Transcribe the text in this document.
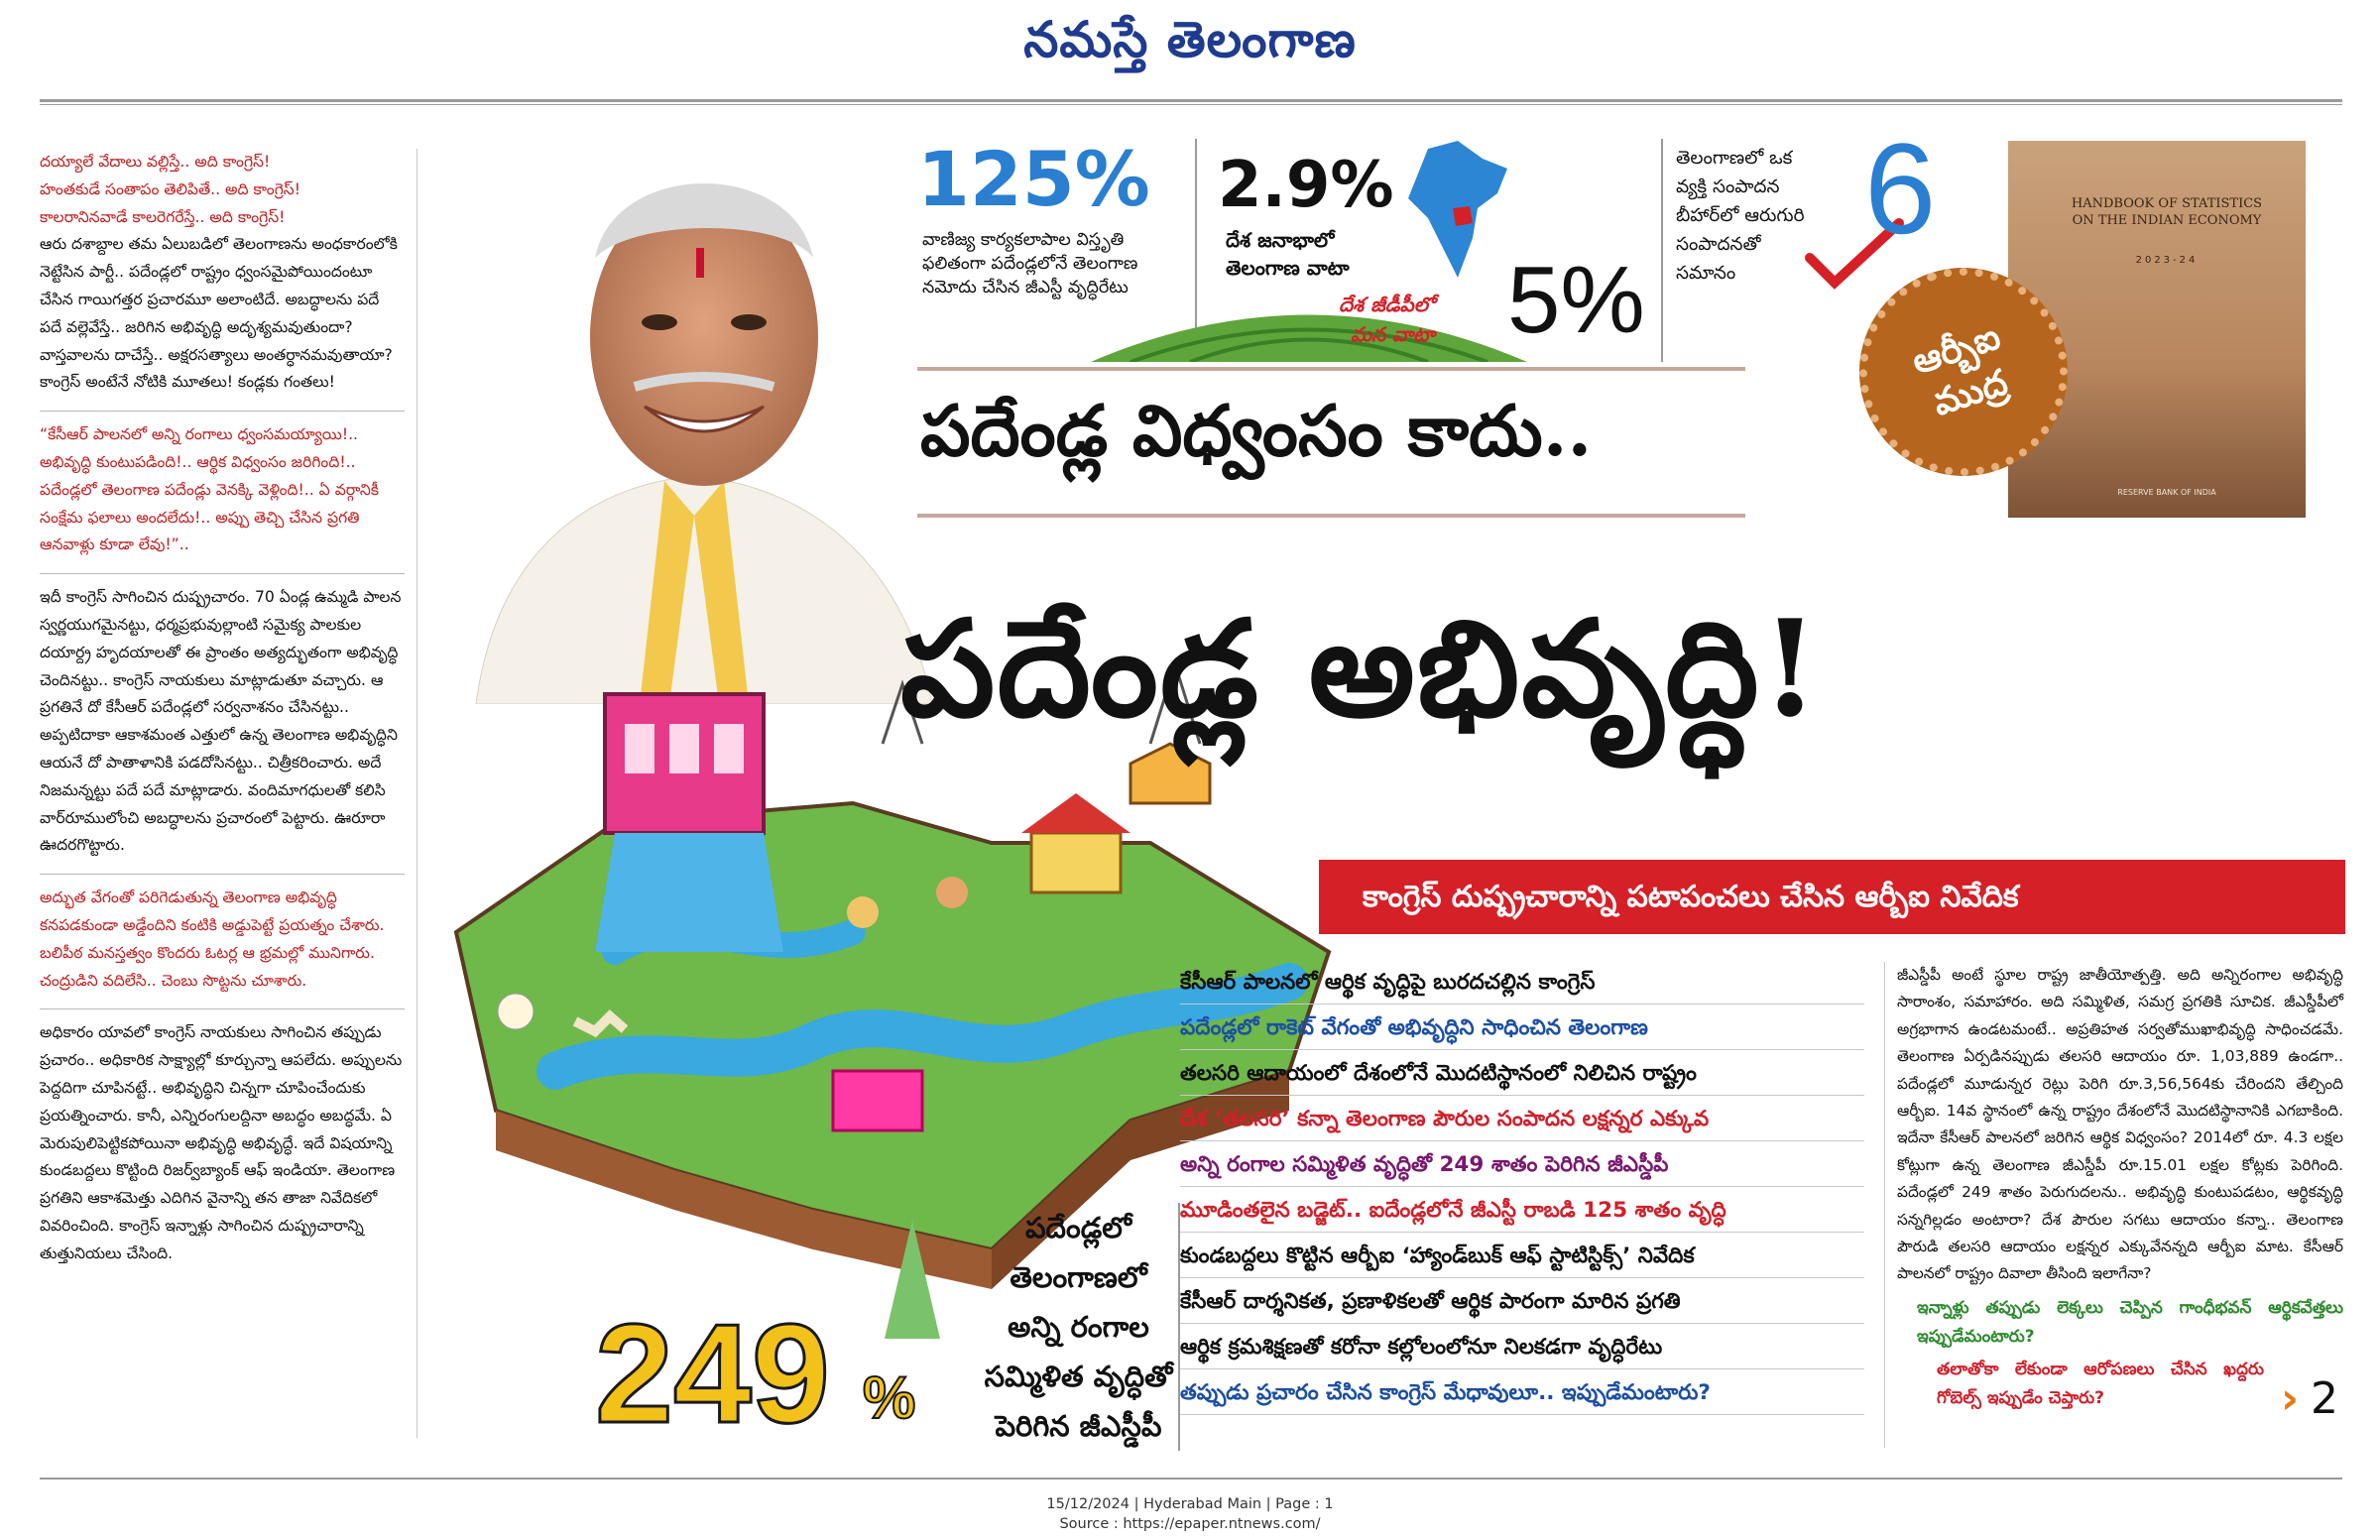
నమస్తే తెలంగాణ
దయ్యాలే వేదాలు వల్లిస్తే.. అది కాంగ్రెస్!
హంతకుడే సంతాపం తెలిపితే.. అది కాంగ్రెస్!
కాలరానినవాడే కాలరెగరేస్తే.. అది కాంగ్రెస్!

ఆరు దశాబ్దాల తమ ఏలుబడిలో తెలంగాణను అంధకారంలోకి నెట్టేసిన పార్టీ.. పదేండ్లలో రాష్ట్రం ధ్వంసమైపోయిందంటూ చేసిన గాయిగత్తర ప్రచారమూ అలాంటిదే. అబద్ధాలను పదే పదే వల్లెవేస్తే.. జరిగిన అభివృద్ధి అదృశ్యమవుతుందా? వాస్తవాలను దాచేస్తే.. అక్షరసత్యాలు అంతర్ధానమవుతాయా? కాంగ్రెస్ అంటేనే నోటికి మూతలు! కండ్లకు గంతలు!

“కేసీఆర్ పాలనలో అన్ని రంగాలు ధ్వంసమయ్యాయి!.. అభివృద్ధి కుంటుపడింది!.. ఆర్థిక విధ్వంసం జరిగింది!.. పదేండ్లలో తెలంగాణ పదేండ్లు వెనక్కి వెళ్లింది!.. ఏ వర్గానికీ సంక్షేమ ఫలాలు అందలేదు!.. అప్పు తెచ్చి చేసిన ప్రగతి ఆనవాళ్లు కూడా లేవు!”..

ఇదీ కాంగ్రెస్ సాగించిన దుష్ప్రచారం. 70 ఏండ్ల ఉమ్మడి పాలన స్వర్ణయుగమైనట్టు, ధర్మప్రభువుల్లాంటి సమైక్య పాలకుల దయార్ద్ర హృదయాలతో ఈ ప్రాంతం అత్యద్భుతంగా అభివృద్ధి చెందినట్టు.. కాంగ్రెస్ నాయకులు మాట్లాడుతూ వచ్చారు. ఆ ప్రగతినే దో కేసీఆర్ పదేండ్లలో సర్వనాశనం చేసినట్టు.. అప్పటిదాకా ఆకాశమంత ఎత్తులో ఉన్న తెలంగాణ అభివృద్ధిని ఆయనే దో పాతాళానికి పడదోసినట్టు.. చిత్రీకరించారు. అదే నిజమన్నట్టు పదే పదే మాట్లాడారు. వందిమాగధులతో కలిసి వార్‌రూములోంచి అబద్ధాలను ప్రచారంలో పెట్టారు. ఊరూరా ఊదరగొట్టారు.

అద్భుత వేగంతో పరిగెడుతున్న తెలంగాణ అభివృద్ధి కనపడకుండా అడ్డేందిని కంటికి అడ్డుపెట్టే ప్రయత్నం చేశారు. బలిపీఠ మనస్తత్వం కొందరు ఓటర్ల ఆ భ్రమల్లో మునిగారు. చంద్రుడిని వదిలేసి.. చెంబు సొట్టను చూశారు.

అధికారం యావలో కాంగ్రెస్ నాయకులు సాగించిన తప్పుడు ప్రచారం.. అధికారిక సాక్ష్యాల్లో కూర్చున్నా ఆపలేదు. అప్పులను పెద్దదిగా చూపినట్టే.. అభివృద్ధిని చిన్నగా చూపించేందుకు ప్రయత్నించారు. కానీ, ఎన్నిరంగులద్దినా అబద్ధం అబద్ధమే. ఏ మెరుపులిపెట్టికపోయినా అభివృద్ధి అభివృద్ధే. ఇదే విషయాన్ని కుండబద్దలు కొట్టింది రిజర్వ్‌బ్యాంక్ ఆఫ్ ఇండియా. తెలంగాణ ప్రగతిని ఆకాశమెత్తు ఎదిగిన వైనాన్ని తన తాజా నివేదికలో వివరించింది. కాంగ్రెస్ ఇన్నాళ్లు సాగించిన దుష్ప్రచారాన్ని తుత్తునియలు చేసింది.

125%
వాణిజ్య కార్యకలాపాల విస్తృతి ఫలితంగా పదేండ్లలోనే తెలంగాణ నమోదు చేసిన జీఎస్టీ వృద్ధిరేటు
2.9%
దేశ జనాభాలో
తెలంగాణ వాటా
దేశ జీడీపీలో
మన వాటా 5%
తెలంగాణలో ఒక వ్యక్తి సంపాదన బీహార్‌లో ఆరుగురి సంపాదనతో సమానం
6	HANDBOOK OF STATISTICS ON THE INDIAN ECONOMY
2023-24
RESERVE BANK OF INDIA
ఆర్బీఐ ముద్ర
పదేండ్ల విధ్వంసం కాదు..
పదేండ్ల అభివృద్ధి!
కాంగ్రెస్ దుష్ప్రచారాన్ని పటాపంచలు చేసిన ఆర్బీఐ నివేదిక
కేసీఆర్ పాలనలో ఆర్థిక వృద్ధిపై బురదచల్లిన కాంగ్రెస్
పదేండ్లలో రాకెట్ వేగంతో అభివృద్ధిని సాధించిన తెలంగాణ
తలసరి ఆదాయంలో దేశంలోనే మొదటిస్థానంలో నిలిచిన రాష్ట్రం
దేశ ‘తలసరి’ కన్నా తెలంగాణ పౌరుల సంపాదన లక్షన్నర ఎక్కువ
అన్ని రంగాల సమ్మిళిత వృద్ధితో 249 శాతం పెరిగిన జీఎస్డీపీ
మూడింతలైన బడ్జెట్.. ఐదేండ్లలోనే జీఎస్టీ రాబడి 125 శాతం వృద్ధి
కుండబద్దలు కొట్టిన ఆర్బీఐ ‘హ్యాండ్‌బుక్ ఆఫ్ స్టాటిస్టిక్స్’ నివేదిక
కేసీఆర్ దార్శనికత, ప్రణాళికలతో ఆర్థిక పారంగా మారిన ప్రగతి
ఆర్థిక క్రమశిక్షణతో కరోనా కల్లోలంలోనూ నిలకడగా వృద్ధిరేటు
తప్పుడు ప్రచారం చేసిన కాంగ్రెస్ మేధావులూ.. ఇప్పుడేమంటారు?
పదేండ్లలో
తెలంగాణలో
అన్ని రంగాల
సమ్మిళిత వృద్ధితో
పెరిగిన జీఎస్డీపీ
249 %
జీఎస్డీపీ అంటే స్థూల రాష్ట్ర జాతీయోత్పత్తి. అది అన్నిరంగాల అభివృద్ధి సారాంశం, సమాహారం. అది సమ్మిళిత, సమగ్ర ప్రగతికి సూచిక. జీఎస్డీపీలో అగ్రభాగాన ఉండటమంటే.. అప్రతిహత సర్వతోముఖాభివృద్ధి సాధించడమే. తెలంగాణ ఏర్పడినప్పుడు తలసరి ఆదాయం రూ. 1,03,889 ఉండగా.. పదేండ్లలో మూడున్నర రెట్లు పెరిగి రూ.3,56,564కు చేరిందని తేల్చింది ఆర్బీఐ. 14వ స్థానంలో ఉన్న రాష్ట్రం దేశంలోనే మొదటిస్థానానికి ఎగబాకింది. ఇదేనా కేసీఆర్ పాలనలో జరిగిన ఆర్థిక విధ్వంసం? 2014లో రూ. 4.3 లక్షల కోట్లుగా ఉన్న తెలంగాణ జీఎస్డీపీ రూ.15.01 లక్షల కోట్లకు పెరిగింది. పదేండ్లలో 249 శాతం పెరుగుదలను.. అభివృద్ధి కుంటుపడటం, ఆర్థికవృద్ధి సన్నగిల్లడం అంటారా? దేశ పౌరుల సగటు ఆదాయం కన్నా.. తెలంగాణ పౌరుడి తలసరి ఆదాయం లక్షన్నర ఎక్కువేనన్నది ఆర్బీఐ మాట. కేసీఆర్ పాలనలో రాష్ట్రం దివాలా తీసింది ఇలాగేనా?
ఇన్నాళ్లు తప్పుడు లెక్కలు చెప్పిన గాంధీభవన్ ఆర్థికవేత్తలు ఇప్పుడేమంటారు?
తలాతోకా లేకుండా ఆరోపణలు చేసిన ఖద్దరు గోబెల్స్ ఇప్పుడేం చెప్తారు?	› 2
15/12/2024 | Hyderabad Main | Page : 1
Source : https://epaper.ntnews.com/
